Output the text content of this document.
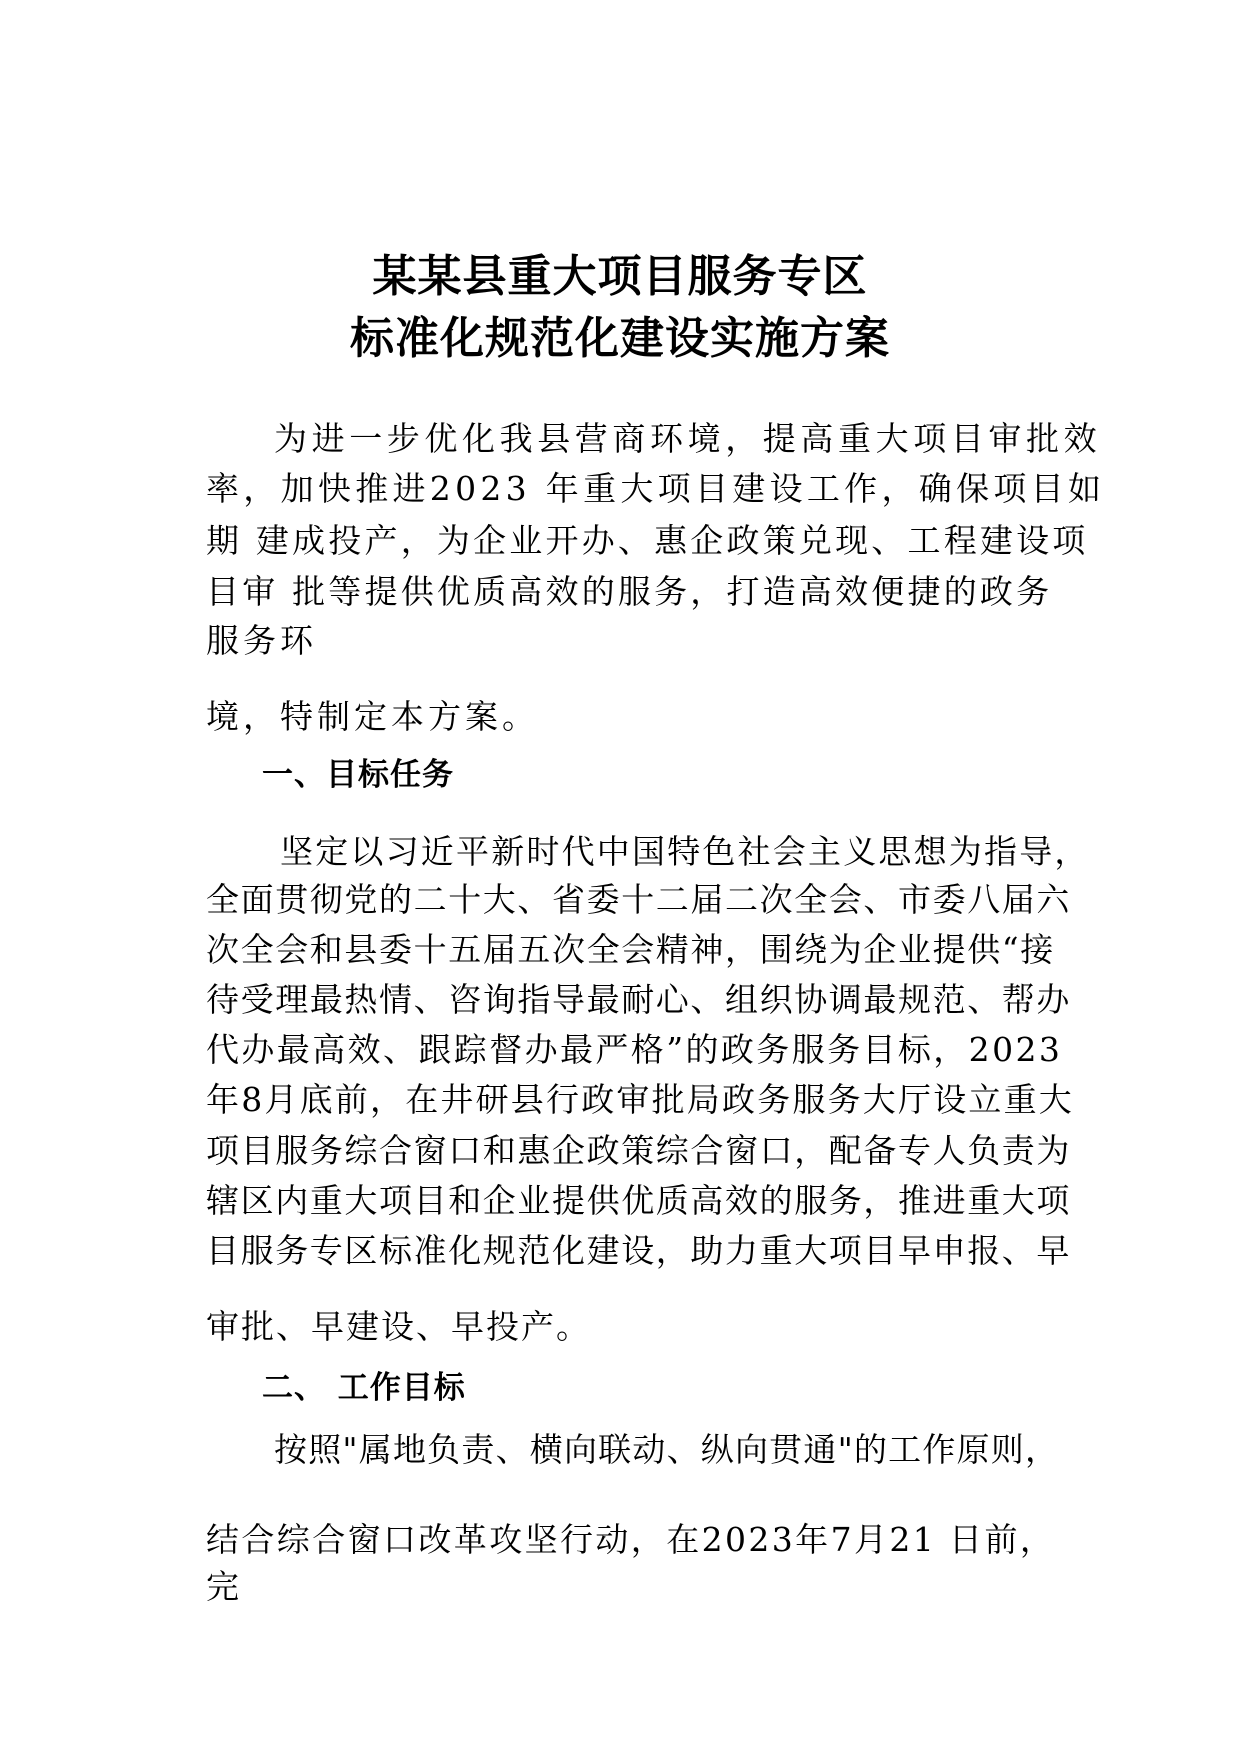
某某县重大项目服务专区
标准化规范化建设实施方案

为进一步优化我县营商环境，提高重大项目审批效

率，加快推进2023 年重大项目建设工作，确保项目如

期 建成投产，为企业开办、惠企政策兑现、工程建设项

目审 批等提供优质高效的服务，打造高效便捷的政务

服务环

境，特制定本方案。

一、目标任务

坚定以习近平新时代中国特色社会主义思想为指导，

全面贯彻党的二十大、省委十二届二次全会、市委八届六

次全会和县委十五届五次全会精神，围绕为企业提供“接

待受理最热情、咨询指导最耐心、组织协调最规范、帮办

代办最高效、跟踪督办最严格”的政务服务目标，2023

年8月底前，在井研县行政审批局政务服务大厅设立重大

项目服务综合窗口和惠企政策综合窗口，配备专人负责为

辖区内重大项目和企业提供优质高效的服务，推进重大项

目服务专区标准化规范化建设，助力重大项目早申报、早

审批、早建设、早投产。

二、 工作目标

按照"属地负责、横向联动、纵向贯通"的工作原则，

结合综合窗口改革攻坚行动，在2023年7月21 日前，

完
